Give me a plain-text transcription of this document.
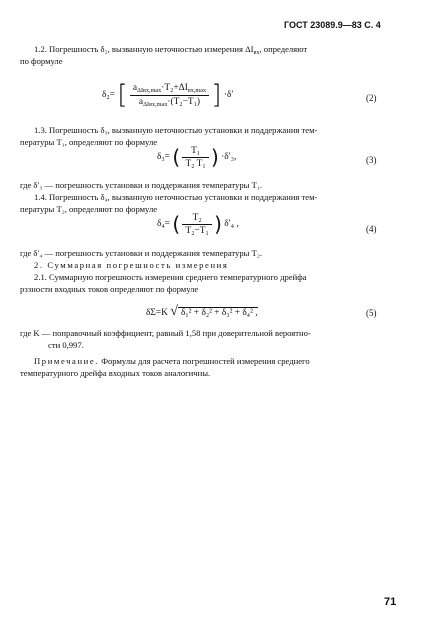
ГОСТ 23089.9—83 С. 4
1.2. Погрешность δ₂, вызванную неточностью измерения $\Delta I_{вх}$, определяют
по формуле
δ₂= [ $\frac{a_{\Delta Iвх,max}\cdot T_2+\Delta I_{вх,max}}{a_{\Delta Iвх,max}\cdot(T_2-T_1)}$ ] ·δ′	(2)
1.3. Погрешность δ₃, вызванную неточностью установки и поддержания тем-
пературы T₁, определяют по формуле
δ₃= ( $\frac{\text{T₁}}{\text{T₂ T₁}}$ ) ·δ′₃,	(3)
где δ′₃ — погрешность установки и поддержания температуры T₁.
1.4. Погрешность δ₄, вызванную неточностью установки и поддержания тем-
пературы T₂, определяют по формуле
δ₄= ( $\frac{\text{T₂}}{\text{T₂−T₁}}$ ) δ′₄ ,	(4)
где δ′₄ — погрешность установки и поддержания температуры T₂.
2. Суммарная погрешность измерения
2.1. Суммарную погрешность измерения среднего температурного дрейфа
рззности входных токов определяют по формуле
δΣ=K √ δ₁² + δ₂² + δ₃² + δ₄² ,	(5)
где K — поправочный коэффициент, равный 1,58 при доверительной вероятно-
сти 0,997.
Примечание. Формулы для расчета погрешностей измерения среднего
температурного дрейфа входных токов аналогичны.
71
